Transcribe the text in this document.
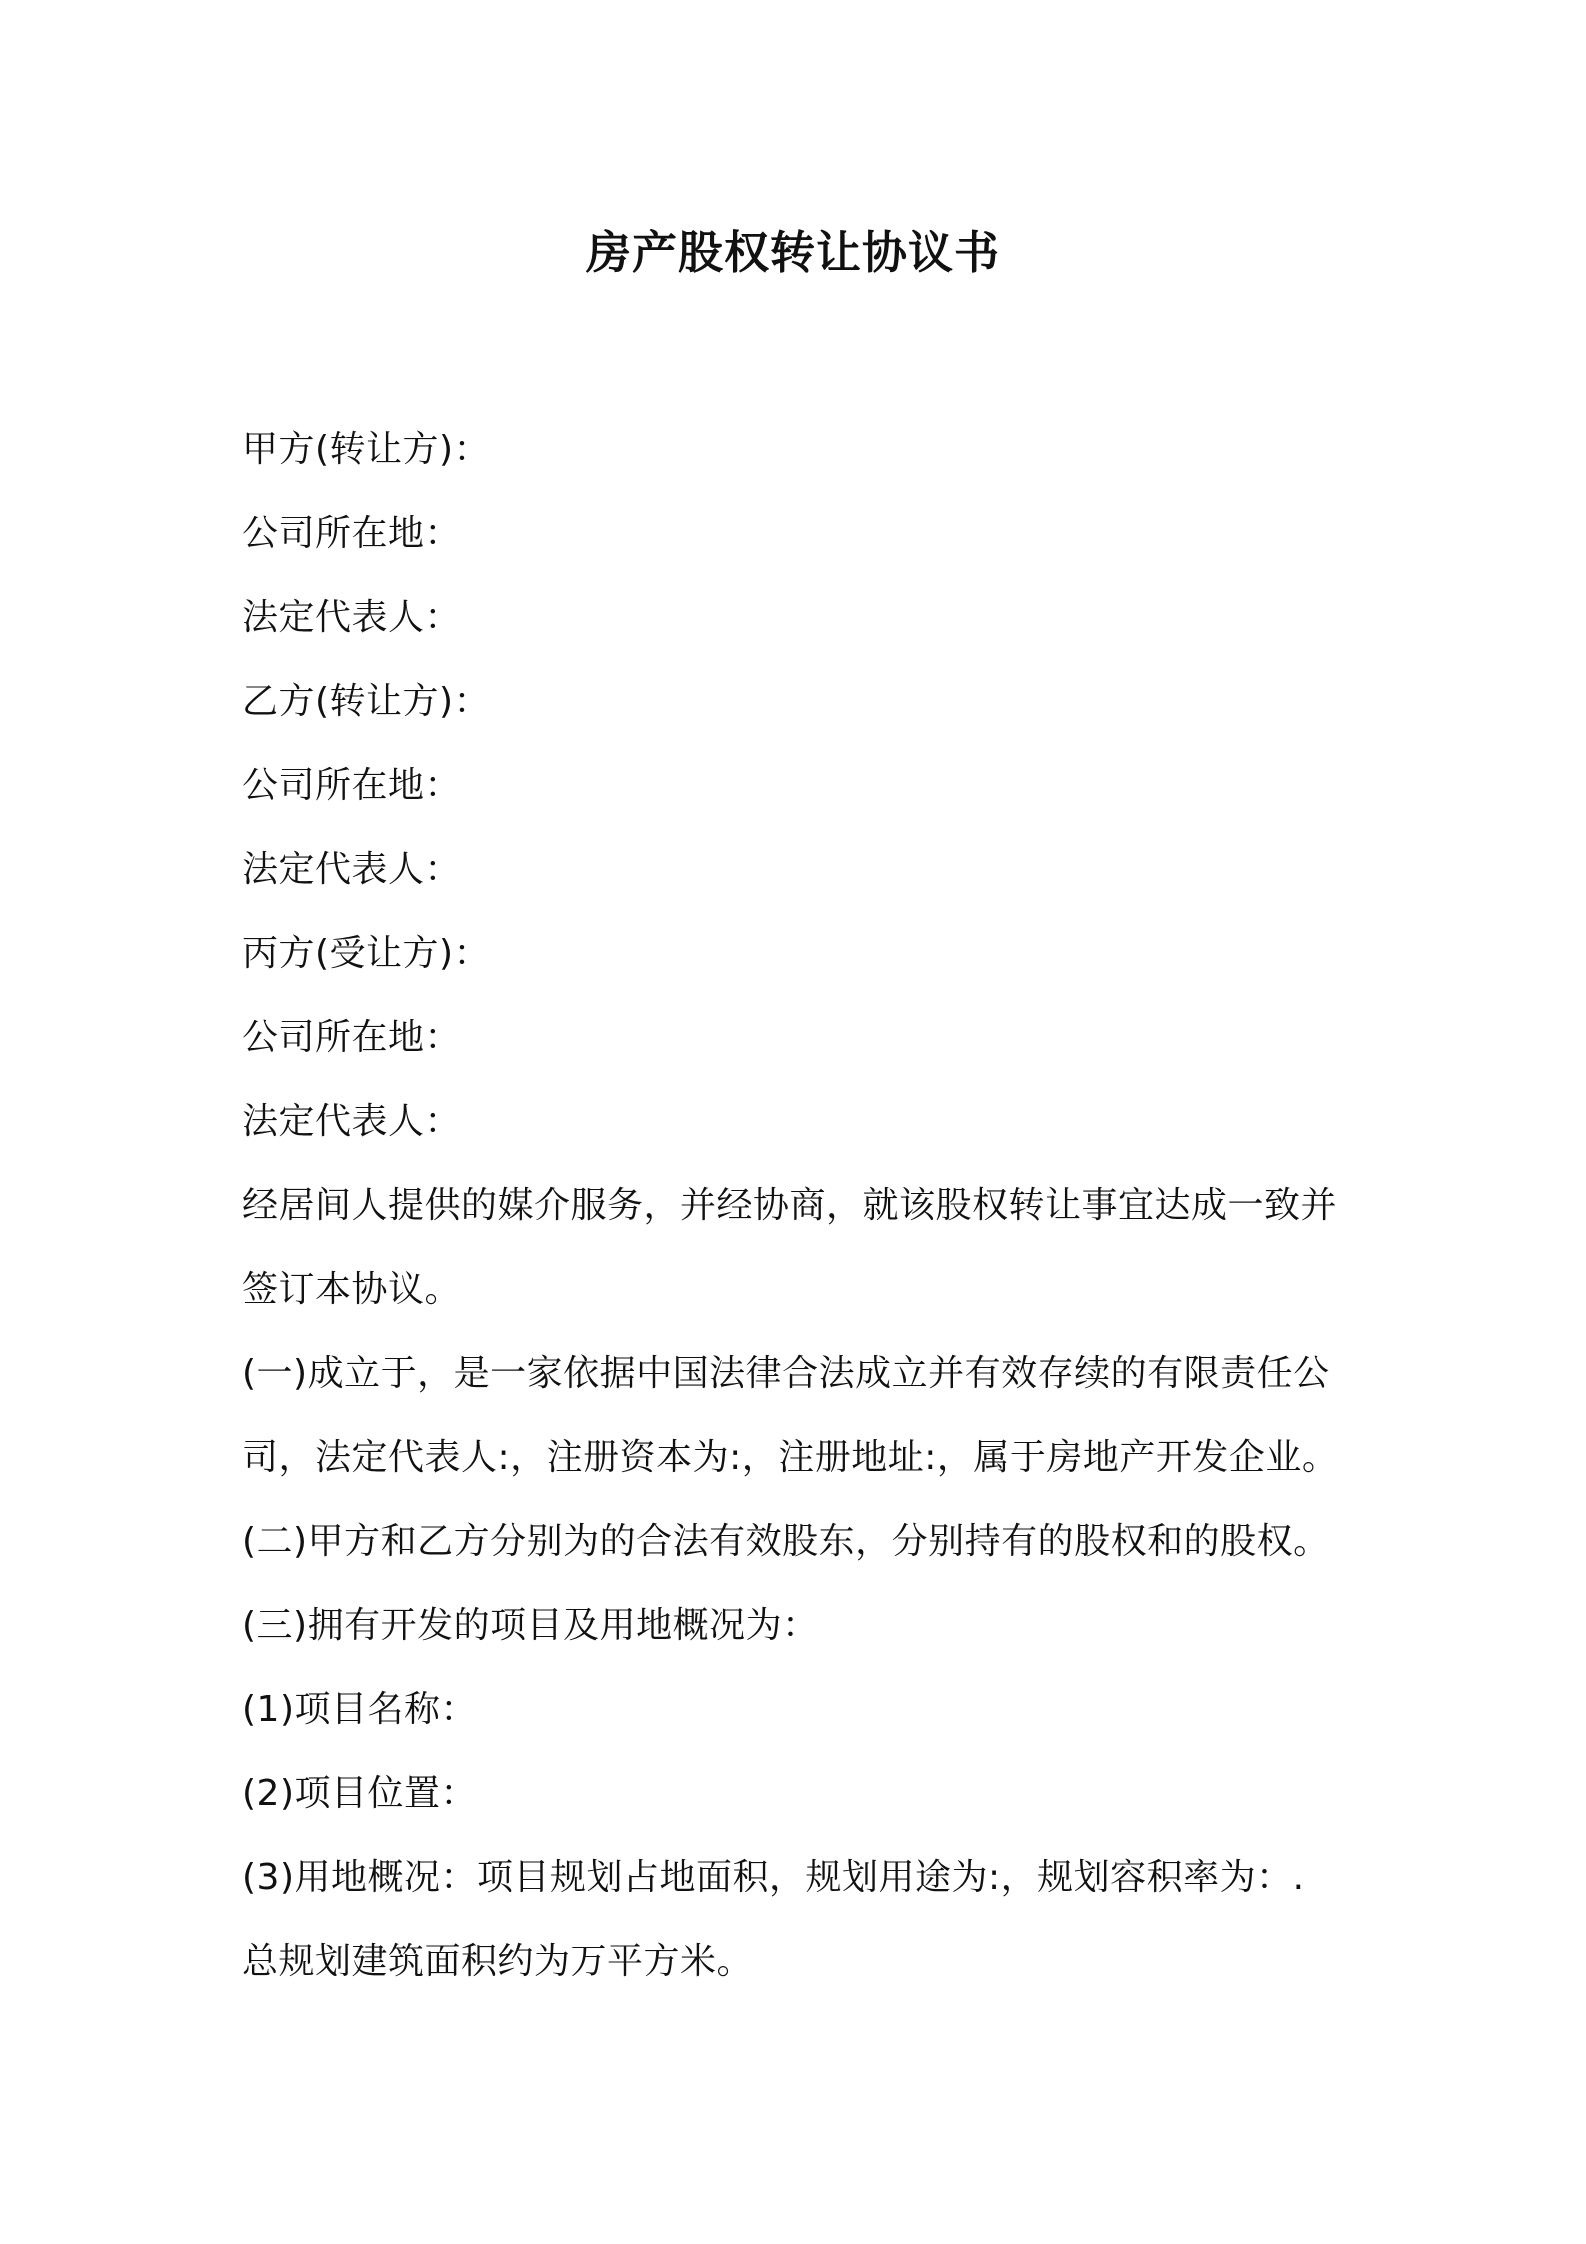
房产股权转让协议书
甲方(转让方)：
公司所在地：
法定代表人：
乙方(转让方)：
公司所在地：
法定代表人：
丙方(受让方)：
公司所在地：
法定代表人：
经居间人提供的媒介服务，并经协商，就该股权转让事宜达成一致并
签订本协议。
(一)成立于，是一家依据中国法律合法成立并有效存续的有限责任公
司，法定代表人:，注册资本为:，注册地址:，属于房地产开发企业。
(二)甲方和乙方分别为的合法有效股东，分别持有的股权和的股权。
(三)拥有开发的项目及用地概况为：
(1)项目名称：
(2)项目位置：
(3)用地概况：项目规划占地面积，规划用途为:，规划容积率为：.
总规划建筑面积约为万平方米。
